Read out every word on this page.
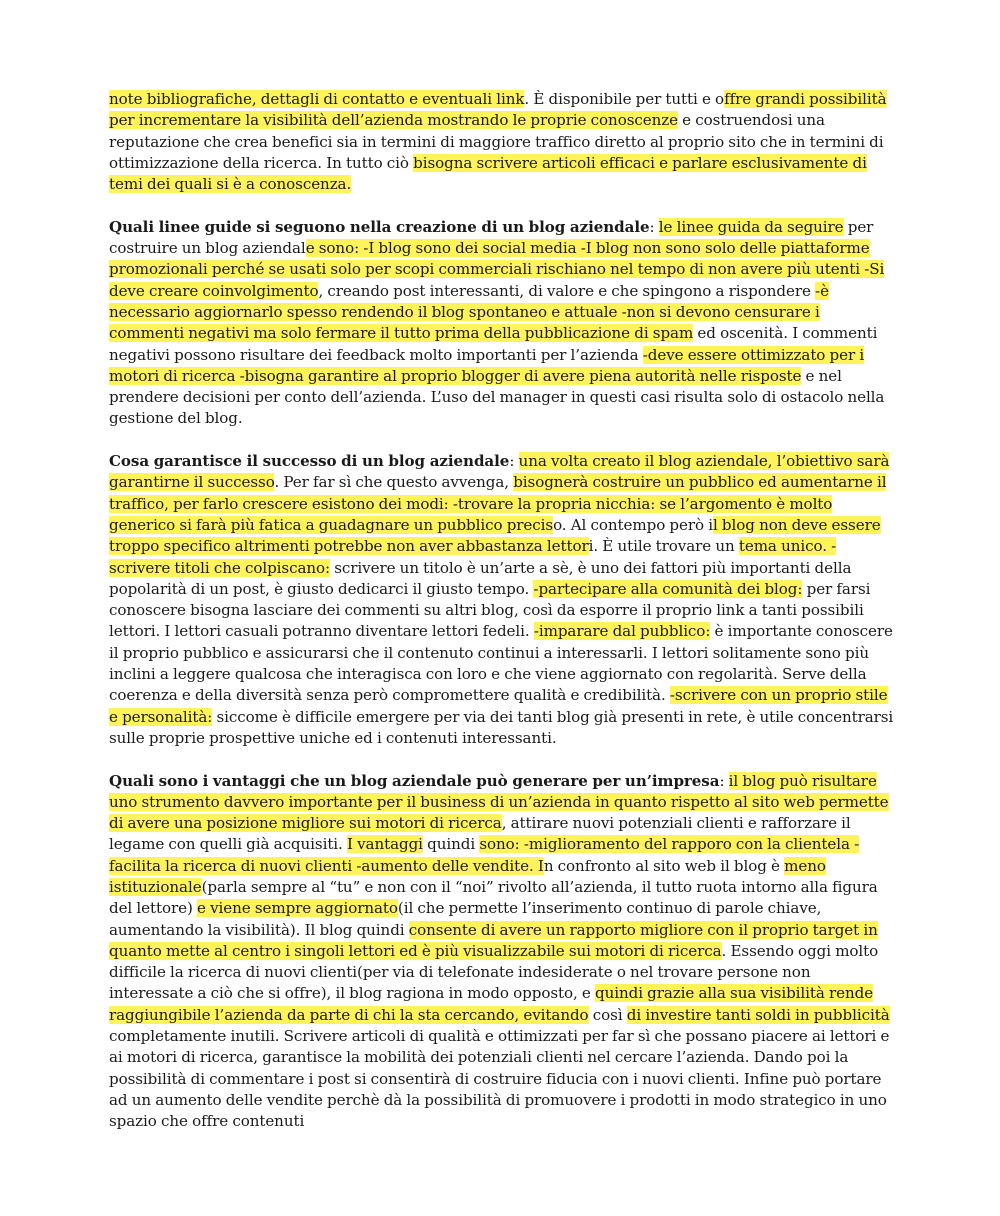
note bibliografiche, dettagli di contatto e eventuali link. È disponibile per tutti e offre grandi possibilità per incrementare la visibilità dell’azienda mostrando le proprie conoscenze e costruendosi una reputazione che crea benefici sia in termini di maggiore traffico diretto al proprio sito che in termini di ottimizzazione della ricerca. In tutto ciò bisogna scrivere articoli efficaci e parlare esclusivamente di temi dei quali si è a conoscenza.

Quali linee guide si seguono nella creazione di un blog aziendale: le linee guida da seguire per costruire un blog aziendale sono: -I blog sono dei social media -I blog non sono solo delle piattaforme promozionali perché se usati solo per scopi commerciali rischiano nel tempo di non avere più utenti -Si deve creare coinvolgimento, creando post interessanti, di valore e che spingono a rispondere -è necessario aggiornarlo spesso rendendo il blog spontaneo e attuale -non si devono censurare i commenti negativi ma solo fermare il tutto prima della pubblicazione di spam ed oscenità. I commenti negativi possono risultare dei feedback molto importanti per l’azienda -deve essere ottimizzato per i motori di ricerca -bisogna garantire al proprio blogger di avere piena autorità nelle risposte e nel prendere decisioni per conto dell’azienda. L’uso del manager in questi casi risulta solo di ostacolo nella gestione del blog.

Cosa garantisce il successo di un blog aziendale: una volta creato il blog aziendale, l’obiettivo sarà garantirne il successo. Per far sì che questo avvenga, bisognerà costruire un pubblico ed aumentarne il traffico, per farlo crescere esistono dei modi: -trovare la propria nicchia: se l’argomento è molto generico si farà più fatica a guadagnare un pubblico preciso. Al contempo però il blog non deve essere troppo specifico altrimenti potrebbe non aver abbastanza lettori. È utile trovare un tema unico. -scrivere titoli che colpiscano: scrivere un titolo è un’arte a sè, è uno dei fattori più importanti della popolarità di un post, è giusto dedicarci il giusto tempo. -partecipare alla comunità dei blog: per farsi conoscere bisogna lasciare dei commenti su altri blog, così da esporre il proprio link a tanti possibili lettori. I lettori casuali potranno diventare lettori fedeli. -imparare dal pubblico: è importante conoscere il proprio pubblico e assicurarsi che il contenuto continui a interessarli. I lettori solitamente sono più inclini a leggere qualcosa che interagisca con loro e che viene aggiornato con regolarità. Serve della coerenza e della diversità senza però compromettere qualità e credibilità. -scrivere con un proprio stile e personalità: siccome è difficile emergere per via dei tanti blog già presenti in rete, è utile concentrarsi sulle proprie prospettive uniche ed i contenuti interessanti.

Quali sono i vantaggi che un blog aziendale può generare per un’impresa: il blog può risultare uno strumento davvero importante per il business di un’azienda in quanto rispetto al sito web permette di avere una posizione migliore sui motori di ricerca, attirare nuovi potenziali clienti e rafforzare il legame con quelli già acquisiti. I vantaggi quindi sono: -miglioramento del rapporo con la clientela -facilita la ricerca di nuovi clienti -aumento delle vendite. In confronto al sito web il blog è meno istituzionale(parla sempre al “tu” e non con il “noi” rivolto all’azienda, il tutto ruota intorno alla figura del lettore) e viene sempre aggiornato(il che permette l’inserimento continuo di parole chiave, aumentando la visibilità). Il blog quindi consente di avere un rapporto migliore con il proprio target in quanto mette al centro i singoli lettori ed è più visualizzabile sui motori di ricerca. Essendo oggi molto difficile la ricerca di nuovi clienti(per via di telefonate indesiderate o nel trovare persone non interessate a ciò che si offre), il blog ragiona in modo opposto, e quindi grazie alla sua visibilità rende raggiungibile l’azienda da parte di chi la sta cercando, evitando così di investire tanti soldi in pubblicità completamente inutili. Scrivere articoli di qualità e ottimizzati per far sì che possano piacere ai lettori e ai motori di ricerca, garantisce la mobilità dei potenziali clienti nel cercare l’azienda. Dando poi la possibilità di commentare i post si consentirà di costruire fiducia con i nuovi clienti. Infine può portare ad un aumento delle vendite perchè dà la possibilità di promuovere i prodotti in modo strategico in uno spazio che offre contenuti
